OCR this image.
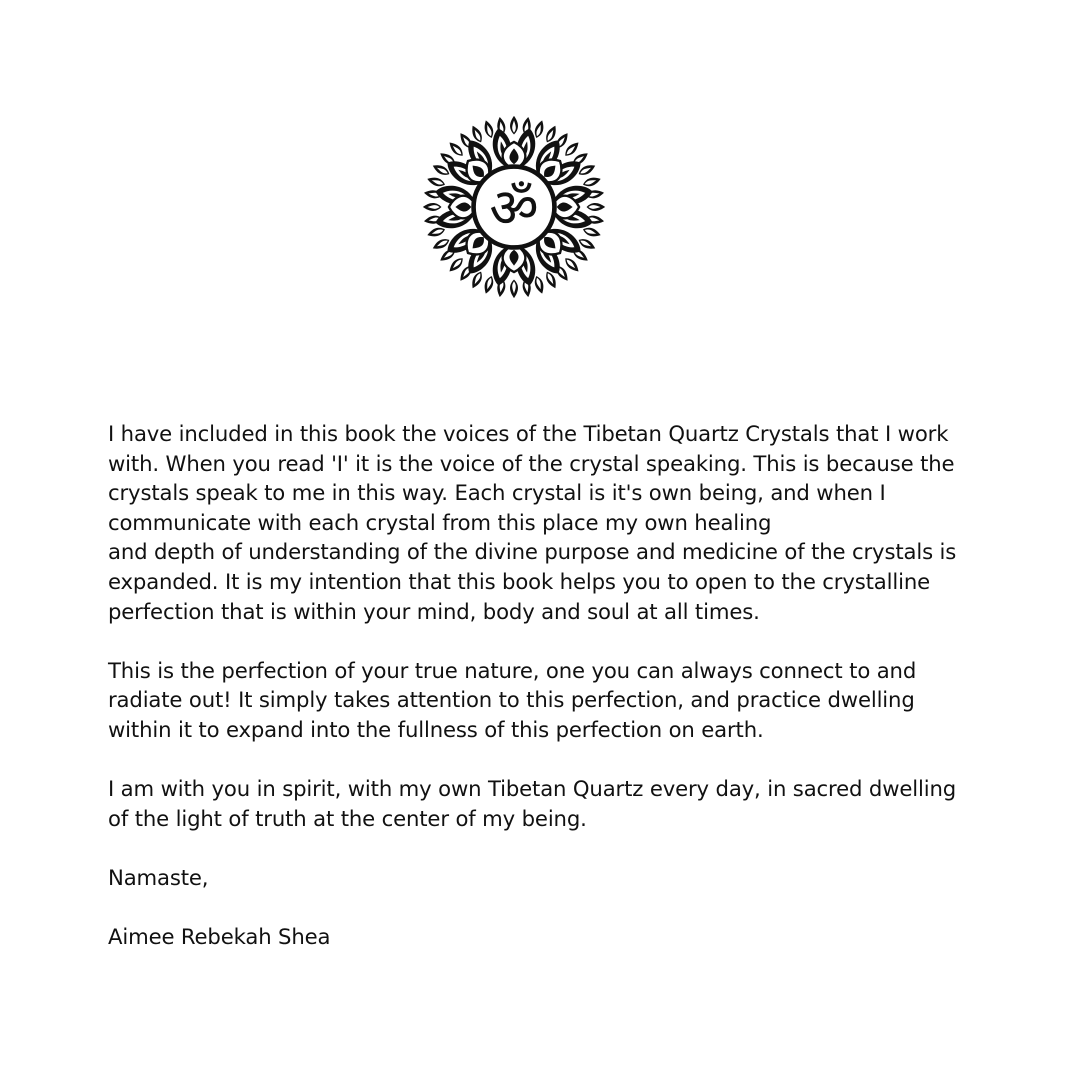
ॐ

I have included in this book the voices of the Tibetan Quartz Crystals that I work
with. When you read 'I' it is the voice of the crystal speaking. This is because the
crystals speak to me in this way. Each crystal is it's own being, and when I
communicate with each crystal from this place my own healing
and depth of understanding of the divine purpose and medicine of the crystals is
expanded. It is my intention that this book helps you to open to the crystalline
perfection that is within your mind, body and soul at all times.

This is the perfection of your true nature, one you can always connect to and
radiate out! It simply takes attention to this perfection, and practice dwelling
within it to expand into the fullness of this perfection on earth.

I am with you in spirit, with my own Tibetan Quartz every day, in sacred dwelling
of the light of truth at the center of my being.

Namaste,

Aimee Rebekah Shea
